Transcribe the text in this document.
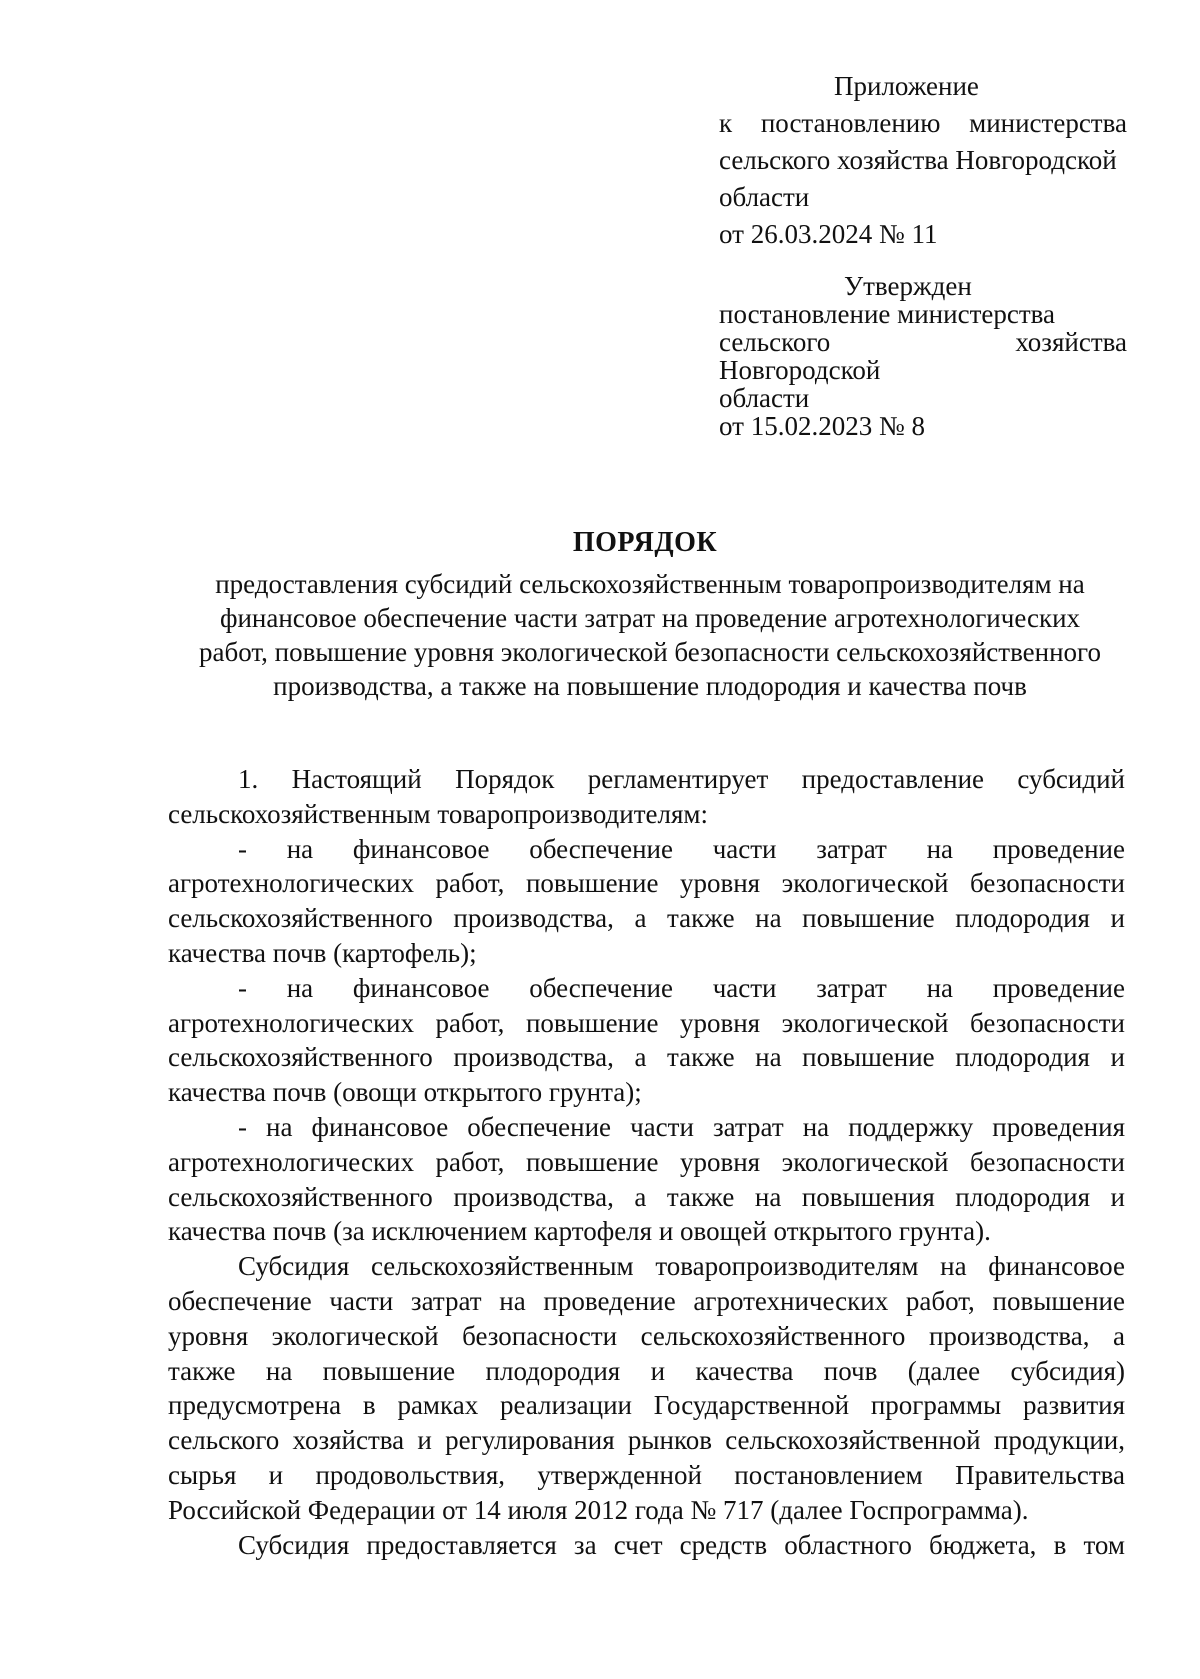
Приложение
к постановлению министерства
сельского хозяйства Новгородской
области
от 26.03.2024 № 11
Утвержден
постановление министерства
сельского	хозяйства
Новгородской
области
от 15.02.2023 № 8
ПОРЯДОК
предоставления субсидий сельскохозяйственным товаропроизводителям на
финансовое обеспечение части затрат на проведение агротехнологических
работ, повышение уровня экологической безопасности сельскохозяйственного
производства, а также на повышение плодородия и качества почв
1. Настоящий Порядок регламентирует предоставление субсидий
сельскохозяйственным товаропроизводителям:
- на финансовое обеспечение части затрат на проведение
агротехнологических работ, повышение уровня экологической безопасности
сельскохозяйственного производства, а также на повышение плодородия и
качества почв (картофель);
- на финансовое обеспечение части затрат на проведение
агротехнологических работ, повышение уровня экологической безопасности
сельскохозяйственного производства, а также на повышение плодородия и
качества почв (овощи открытого грунта);
- на финансовое обеспечение части затрат на поддержку проведения
агротехнологических работ, повышение уровня экологической безопасности
сельскохозяйственного производства, а также на повышения плодородия и
качества почв (за исключением картофеля и овощей открытого грунта).
Субсидия сельскохозяйственным товаропроизводителям на финансовое
обеспечение части затрат на проведение агротехнических работ, повышение
уровня экологической безопасности сельскохозяйственного производства, а
также на повышение плодородия и качества почв (далее субсидия)
предусмотрена в рамках реализации Государственной программы развития
сельского хозяйства и регулирования рынков сельскохозяйственной продукции,
сырья и продовольствия, утвержденной постановлением Правительства
Российской Федерации от 14 июля 2012 года № 717 (далее Госпрограмма).
Субсидия предоставляется за счет средств областного бюджета, в том
